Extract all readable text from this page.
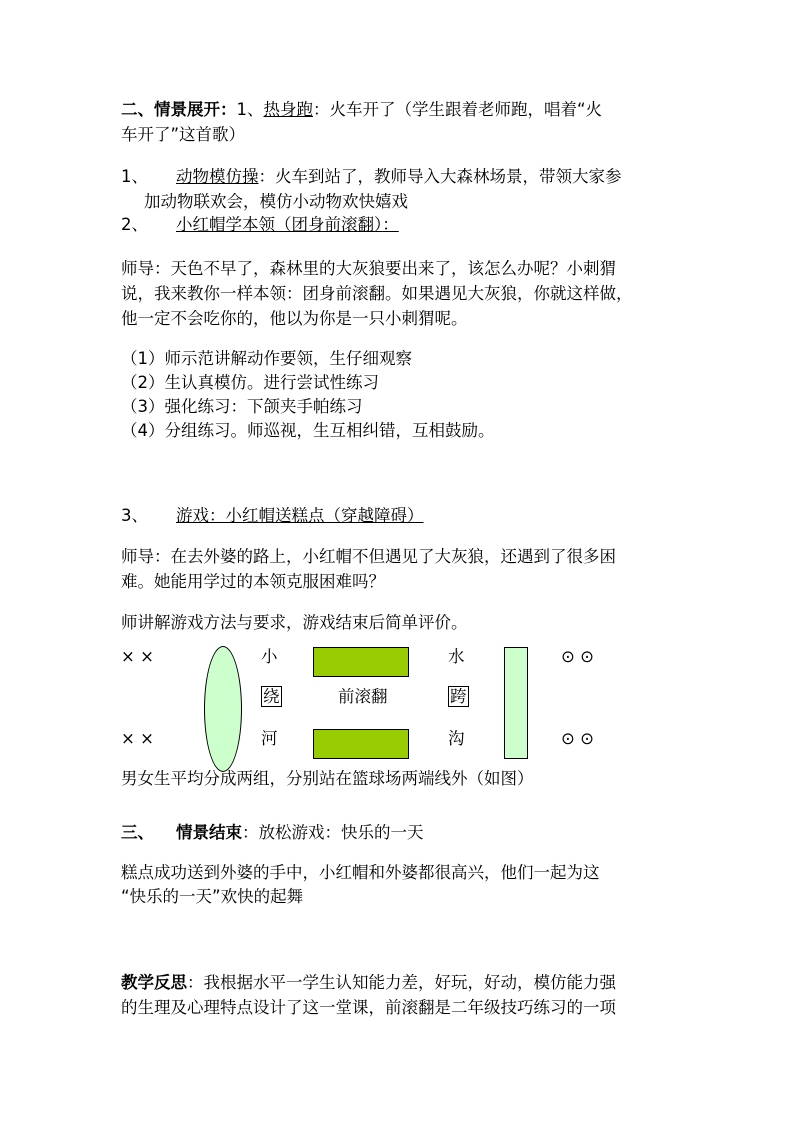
二、情景展开：1、热身跑：火车开了（学生跟着老师跑，唱着“火
车开了”这首歌）
1、 动物模仿操：火车到站了，教师导入大森林场景，带领大家参
加动物联欢会，模仿小动物欢快嬉戏
2、 小红帽学本领（团身前滚翻）：
师导：天色不早了，森林里的大灰狼要出来了，该怎么办呢？小刺猬
说，我来教你一样本领：团身前滚翻。如果遇见大灰狼，你就这样做，
他一定不会吃你的，他以为你是一只小刺猬呢。
（1）师示范讲解动作要领，生仔细观察
（2）生认真模仿。进行尝试性练习
（3）强化练习：下颌夹手帕练习
（4）分组练习。师巡视，生互相纠错，互相鼓励。
3、 游戏：小红帽送糕点（穿越障碍）
师导：在去外婆的路上，小红帽不但遇见了大灰狼，还遇到了很多困
难。她能用学过的本领克服困难吗？
师讲解游戏方法与要求，游戏结束后简单评价。
× ×
× ×
小
绕
河
前滚翻
水
跨
沟
⊙ ⊙
⊙ ⊙
男女生平均分成两组，分别站在篮球场两端线外（如图）
三、 情景结束：放松游戏：快乐的一天
糕点成功送到外婆的手中，小红帽和外婆都很高兴，他们一起为这
“快乐的一天”欢快的起舞
教学反思：我根据水平一学生认知能力差，好玩，好动，模仿能力强
的生理及心理特点设计了这一堂课，前滚翻是二年级技巧练习的一项
